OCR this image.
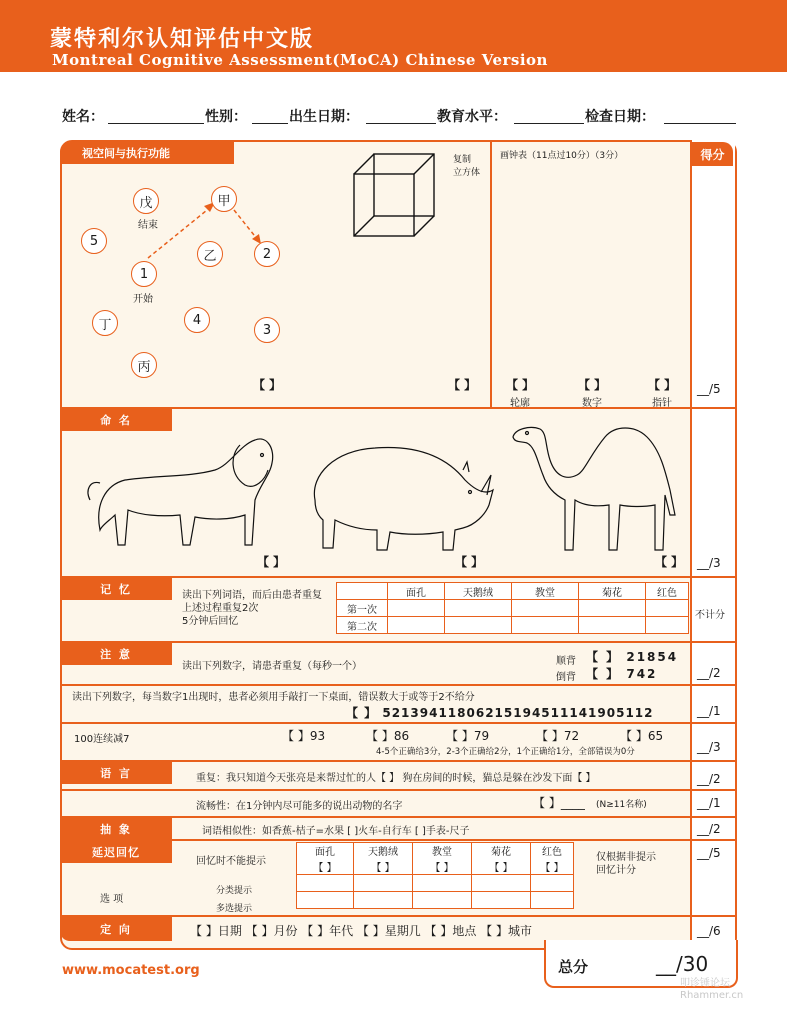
蒙特利尔认知评估中文版
Montreal Cognitive Assessment(MoCA) Chinese Version
姓名：	性别：	出生日期：	教育水平：	检查日期：
得分
视空间与执行功能
戊
结束
甲
5
乙	2
1
开始
4
丁	3
丙
复制
立方体
【 】	【 】
画钟表（11点过10分）（3分）
【 】
轮廓
【 】
数字
【 】
指针
__/5
命 名
【 】	【 】	【 】 __/3
记 忆	读出下列词语，而后由患者重复
上述过程重复2次
5分钟后回忆
	面孔	天鹅绒	教堂	菊花	红色
第一次					
第二次					
不计分
注 意
读出下列数字，请患者重复（每秒一个）	顺背 【 】 21854
倒背 【 】 742	__/2
读出下列数字，每当数字1出现时，患者必须用手敲打一下桌面，错误数大于或等于2不给分
【 】 52139411806215194511141905112	__/1
100连续减7	【 】93	【 】86	【 】79	【 】72	【 】65
4-5个正确给3分，2-3个正确给2分，1个正确给1分，全部错误为0分	__/3
语 言	重复：我只知道今天张亮是来帮过忙的人【 】 狗在房间的时候，猫总是躲在沙发下面【 】	__/2
流畅性：在1分钟内尽可能多的说出动物的名字	【 】____ (N≥11名称)	__/1
抽 象	词语相似性：如香蕉-桔子=水果 [ ]火车-自行车 [ ]手表-尺子	__/2
延迟回忆
回忆时不能提示
面孔	天鹅绒	教堂	菊花	红色
【 】	【 】	【 】	【 】	【 】

选 项
分类提示
多选提示
仅根据非提示
回忆计分
__/5
定 向	【 】日期 【 】月份 【 】年代 【 】星期几 【 】地点 【 】城市	__/6
www.mocatest.org	总分	__/30
叩诊锤论坛
Rhammer.cn
